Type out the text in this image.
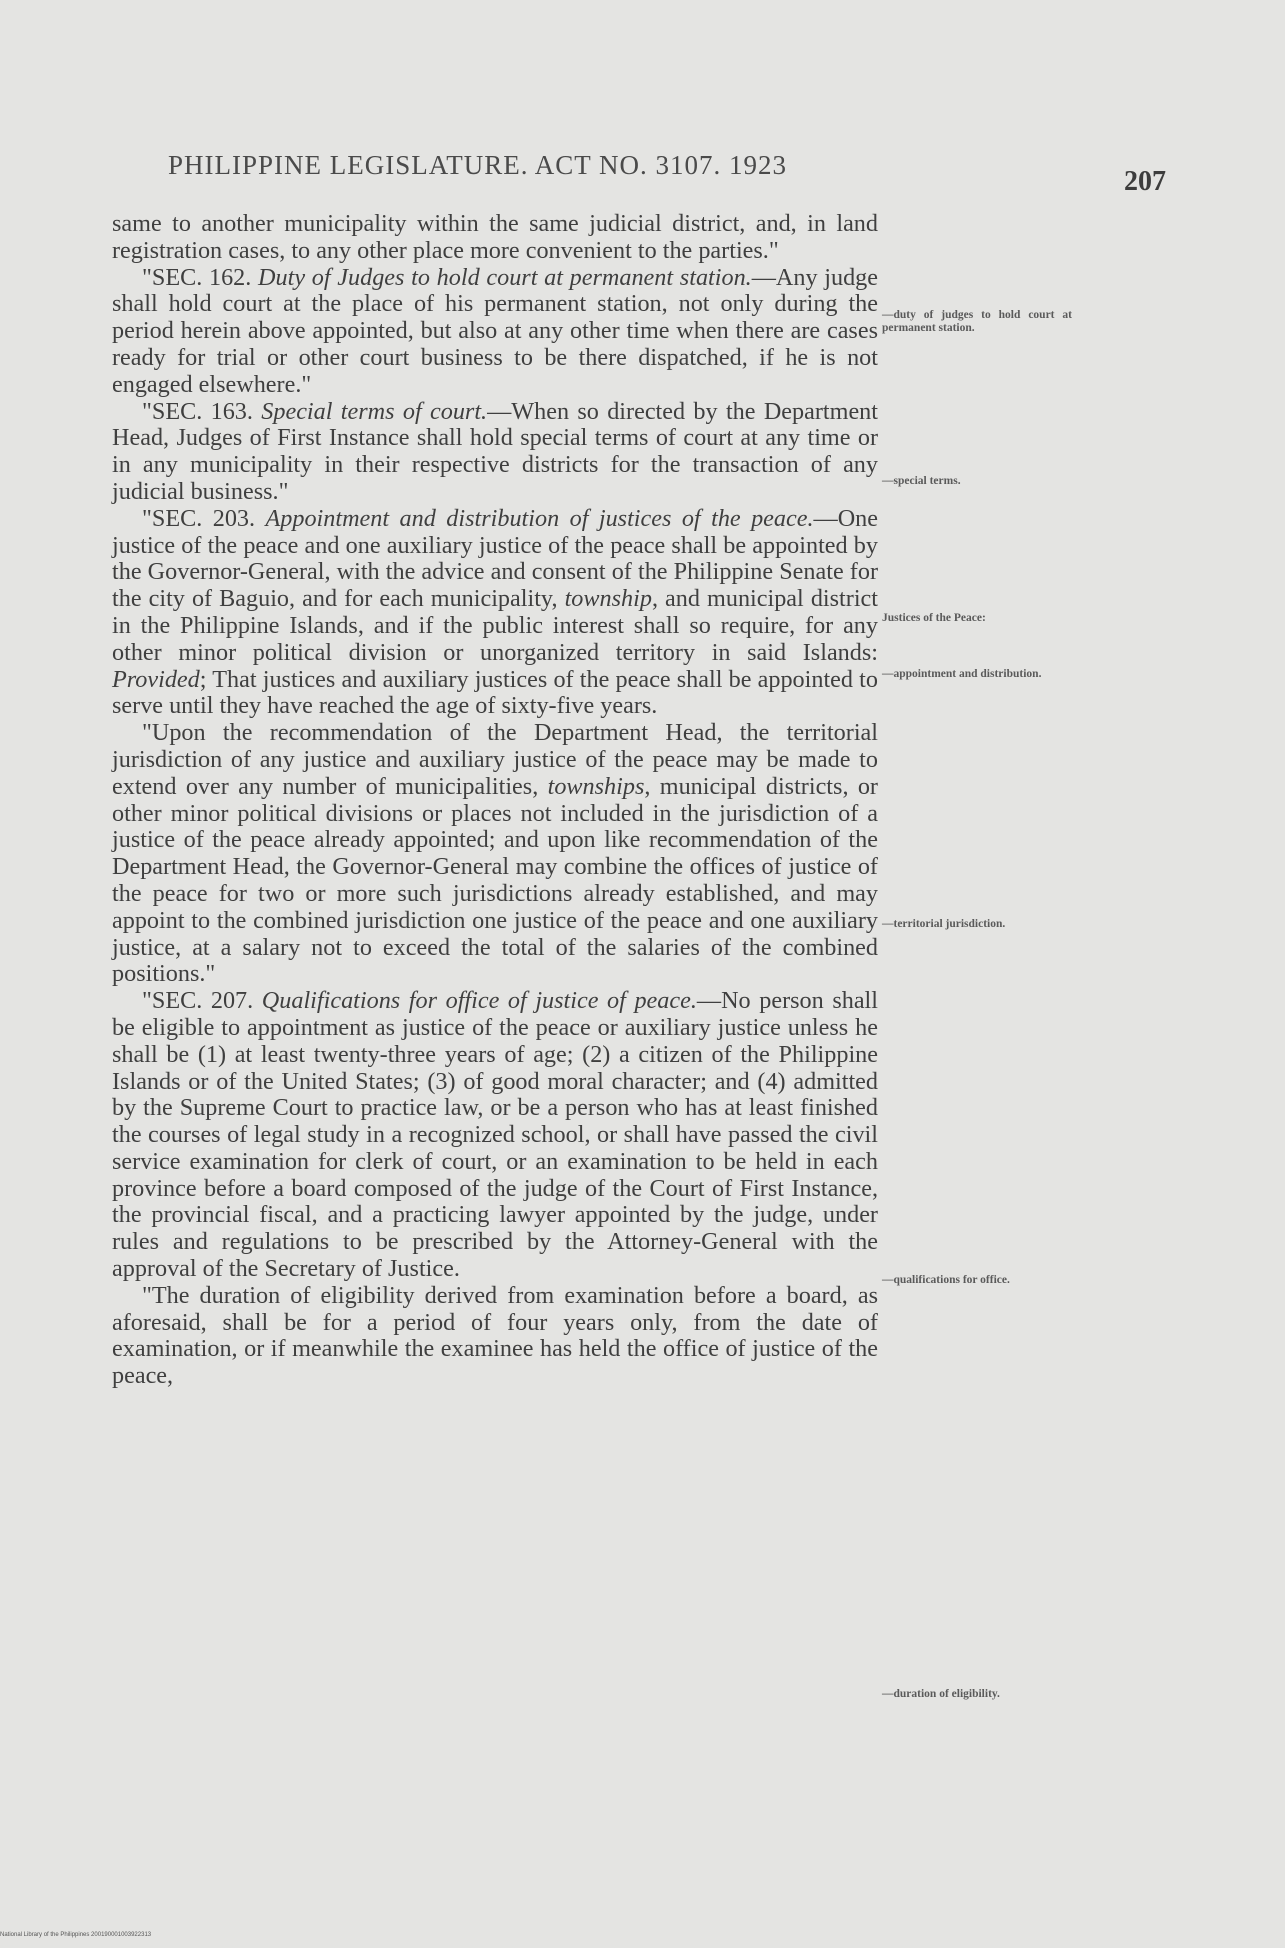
PHILIPPINE LEGISLATURE. ACT NO. 3107. 1923
207

same to another municipality within the same judicial district, and, in land registration cases, to any other place more convenient to the parties."

"SEC. 162. Duty of Judges to hold court at permanent station.—Any judge shall hold court at the place of his permanent station, not only during the period herein above appointed, but also at any other time when there are cases ready for trial or other court business to be there dispatched, if he is not engaged elsewhere."

"SEC. 163. Special terms of court.—When so directed by the Department Head, Judges of First Instance shall hold special terms of court at any time or in any municipality in their respective districts for the transaction of any judicial business."

"SEC. 203. Appointment and distribution of justices of the peace.—One justice of the peace and one auxiliary justice of the peace shall be appointed by the Governor-General, with the advice and consent of the Philippine Senate for the city of Baguio, and for each municipality, township, and municipal district in the Philippine Islands, and if the public interest shall so require, for any other minor political division or unorganized territory in said Islands: Provided; That justices and auxiliary justices of the peace shall be appointed to serve until they have reached the age of sixty-five years.

"Upon the recommendation of the Department Head, the territorial jurisdiction of any justice and auxiliary justice of the peace may be made to extend over any number of municipalities, townships, municipal districts, or other minor political divisions or places not included in the jurisdiction of a justice of the peace already appointed; and upon like recommendation of the Department Head, the Governor-General may combine the offices of justice of the peace for two or more such jurisdictions already established, and may appoint to the combined jurisdiction one justice of the peace and one auxiliary justice, at a salary not to exceed the total of the salaries of the combined positions."

"SEC. 207. Qualifications for office of justice of peace.—No person shall be eligible to appointment as justice of the peace or auxiliary justice unless he shall be (1) at least twenty-three years of age; (2) a citizen of the Philippine Islands or of the United States; (3) of good moral character; and (4) admitted by the Supreme Court to practice law, or be a person who has at least finished the courses of legal study in a recognized school, or shall have passed the civil service examination for clerk of court, or an examination to be held in each province before a board composed of the judge of the Court of First Instance, the provincial fiscal, and a practicing lawyer appointed by the judge, under rules and regulations to be prescribed by the Attorney-General with the approval of the Secretary of Justice.

"The duration of eligibility derived from examination before a board, as aforesaid, shall be for a period of four years only, from the date of examination, or if meanwhile the examinee has held the office of justice of the peace,

—duty of judges to hold court at permanent station.
—special terms.
Justices of the Peace:
—appointment and distribution.
—territorial jurisdiction.
—qualifications for office.
—duration of eligibility.
National Library of the Philippines 200190001003922313
